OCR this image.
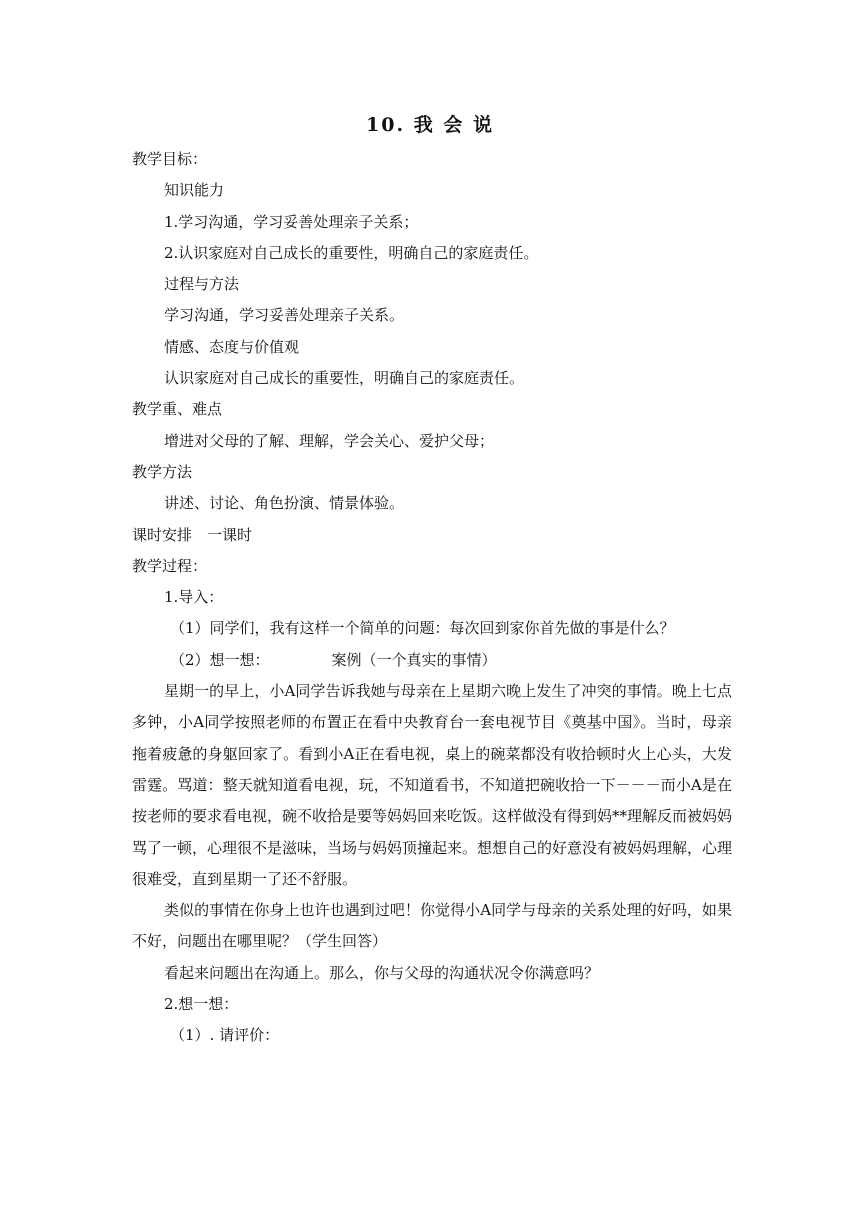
10. 我 会 说
教学目标：
知识能力
1.学习沟通，学习妥善处理亲子关系；
2.认识家庭对自己成长的重要性，明确自己的家庭责任。
过程与方法
学习沟通，学习妥善处理亲子关系。
情感、态度与价值观
认识家庭对自己成长的重要性，明确自己的家庭责任。
教学重、难点
增进对父母的了解、理解，学会关心、爱护父母；
教学方法
讲述、讨论、角色扮演、情景体验。
课时安排　一课时
教学过程：
1.导入：
（1）同学们，我有这样一个简单的问题：每次回到家你首先做的事是什么？
（2）想一想：	案例（一个真实的事情）
星期一的早上，小A同学告诉我她与母亲在上星期六晚上发生了冲突的事情。晚上七点多钟，小A同学按照老师的布置正在看中央教育台一套电视节目《奠基中国》。当时，母亲拖着疲惫的身躯回家了。看到小A正在看电视，桌上的碗菜都没有收拾顿时火上心头，大发雷霆。骂道：整天就知道看电视，玩，不知道看书，不知道把碗收拾一下－－－而小A是在按老师的要求看电视，碗不收拾是要等妈妈回来吃饭。这样做没有得到妈**理解反而被妈妈骂了一顿，心理很不是滋味，当场与妈妈顶撞起来。想想自己的好意没有被妈妈理解，心理很难受，直到星期一了还不舒服。
类似的事情在你身上也许也遇到过吧！你觉得小A同学与母亲的关系处理的好吗，如果不好，问题出在哪里呢？（学生回答）
看起来问题出在沟通上。那么，你与父母的沟通状况令你满意吗？
2.想一想：
（1）. 请评价：
